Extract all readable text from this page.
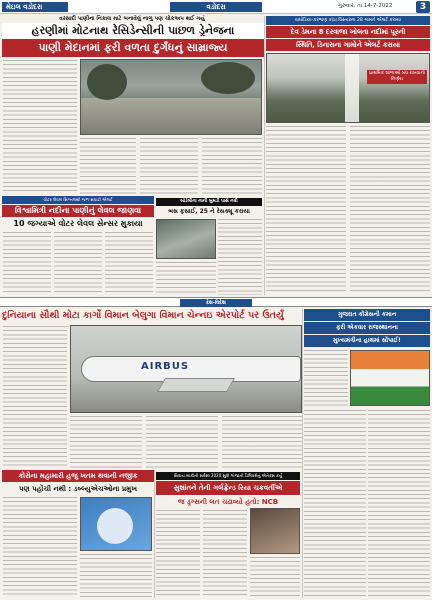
મેઇલ વડોદરા	વડોદરા	ગુરુવાર, તા.14-7-2022	3
વરસાદી પાણીના નિકાલ માટે બનાવેલું નાળુ પણ ચોકઅપ થઈ ગયું
હરણીમાં મોટનાથ રેસિડેન્સીની પાછળ ડ્રેનેજના
પાણી મેદાનમાં ફરી વળતા દુર્ગંધનું સામ્રાજ્ય
વોટર લેવલ સિગ્નલથી જળ સપાટી એલર્ટ
વિશ્વામિત્રી નદીના પાણીનું લેવલ જાણવા
10 જગ્યાએ વોટર લેવલ સેન્સર મુકાયા
બોડેલીના નાની બુમડી પાસે નવી
બસ ફસાઈ, 25 ને રેસક્યૂ કરાયા
વાઘોડિયા-કરજણ કાંઠા વિસ્તારના 28 ગામને એલર્ટ કરાયા
દેવ ડેમના 8 દરવાજા ખોલતા નદીમાં પૂરની
સ્થિતિ, ડિનારાના ગામોને એલર્ટ કરાયા
પ્રાથમિક શાળાઓ બંધ રાખવાનો નિર્ણય
દેશ-વિદેશ
દુનિયાના સૌથી મોટા કાર્ગો વિમાન બેલુગા વિમાન ચેન્નઇ એરપોર્ટ પર ઉતર્યું
AIRBUS
ગુજરાત કોંગ્રેસની કમાન
ફરી એકવાર રાજસ્થાનના
મુખ્યમંત્રીના હાથમાં સોંપાઈ!
કોરોના મહામારી હજુ ખતમ થવાની નજીક
પણ પહોંચી નથી : ડબ્લ્યુએચઓના પ્રમુખ
સિવાય બાકીની સર્વસ્વ 2020 સુધી ગાંજાની ડિલિવરીનું એનેક્સ કર્યું
સુશાંતને તેની ગર્લફ્રેન્ડ રિયા ચક્રવર્તીએ
જ ડ્રગ્સની લત ચઢાવ્યો હતો: NCB
